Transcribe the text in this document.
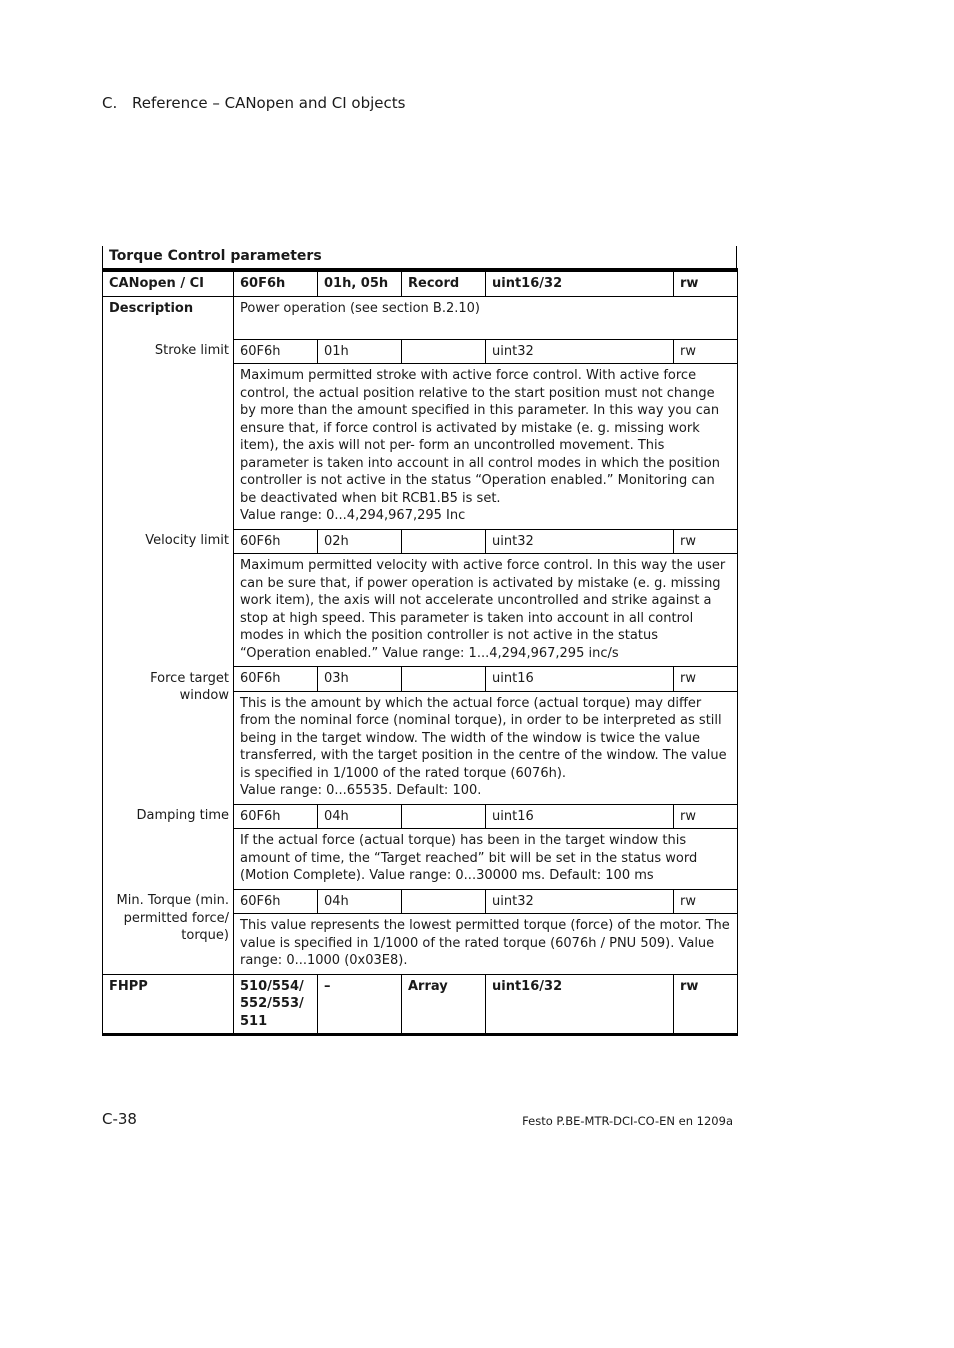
C. Reference – CANopen and CI objects
Torque Control parameters
CANopen / CI	60F6h	01h, 05h	Record	uint16/32	rw
Description	Power operation (see section B.2.10)				
Stroke limit	60F6h	01h		uint32	rw
	Maximum permitted stroke with active force control. With active force control, the actual position relative to the start position must not change by more than the amount specified in this parameter. In this way you can ensure that, if force control is activated by mistake (e. g. missing work item), the axis will not per- form an uncontrolled movement. This parameter is taken into account in all control modes in which the position controller is not active in the status “Operation enabled.” Monitoring can be deactivated when bit RCB1.B5 is set.
Value range: 0...4,294,967,295 Inc				
Velocity limit	60F6h	02h		uint32	rw
	Maximum permitted velocity with active force control. In this way the user can be sure that, if power operation is activated by mistake (e. g. missing work item), the axis will not accelerate uncontrolled and strike against a stop at high speed. This parameter is taken into account in all control modes in which the position controller is not active in the status “Operation enabled.” Value range: 1...4,294,967,295 inc/s				
Force target window	60F6h	03h		uint16	rw
	This is the amount by which the actual force (actual torque) may differ from the nominal force (nominal torque), in order to be interpreted as still being in the target window. The width of the window is twice the value transferred, with the target position in the centre of the window. The value is specified in 1/1000 of the rated torque (6076h).
Value range: 0...65535. Default: 100.				
Damping time	60F6h	04h		uint16	rw
	If the actual force (actual torque) has been in the target window this amount of time, the “Target reached” bit will be set in the status word (Motion Complete). Value range: 0...30000 ms. Default: 100 ms				
Min. Torque (min. permitted force/ torque)	60F6h	04h		uint32	rw
	This value represents the lowest permitted torque (force) of the motor. The value is specified in 1/1000 of the rated torque (6076h / PNU 509). Value range: 0...1000 (0x03E8).				
FHPP	510/554/ 552/553/ 511	–	Array	uint16/32	rw
C-38	Festo P.BE-MTR-DCI-CO-EN en 1209a
